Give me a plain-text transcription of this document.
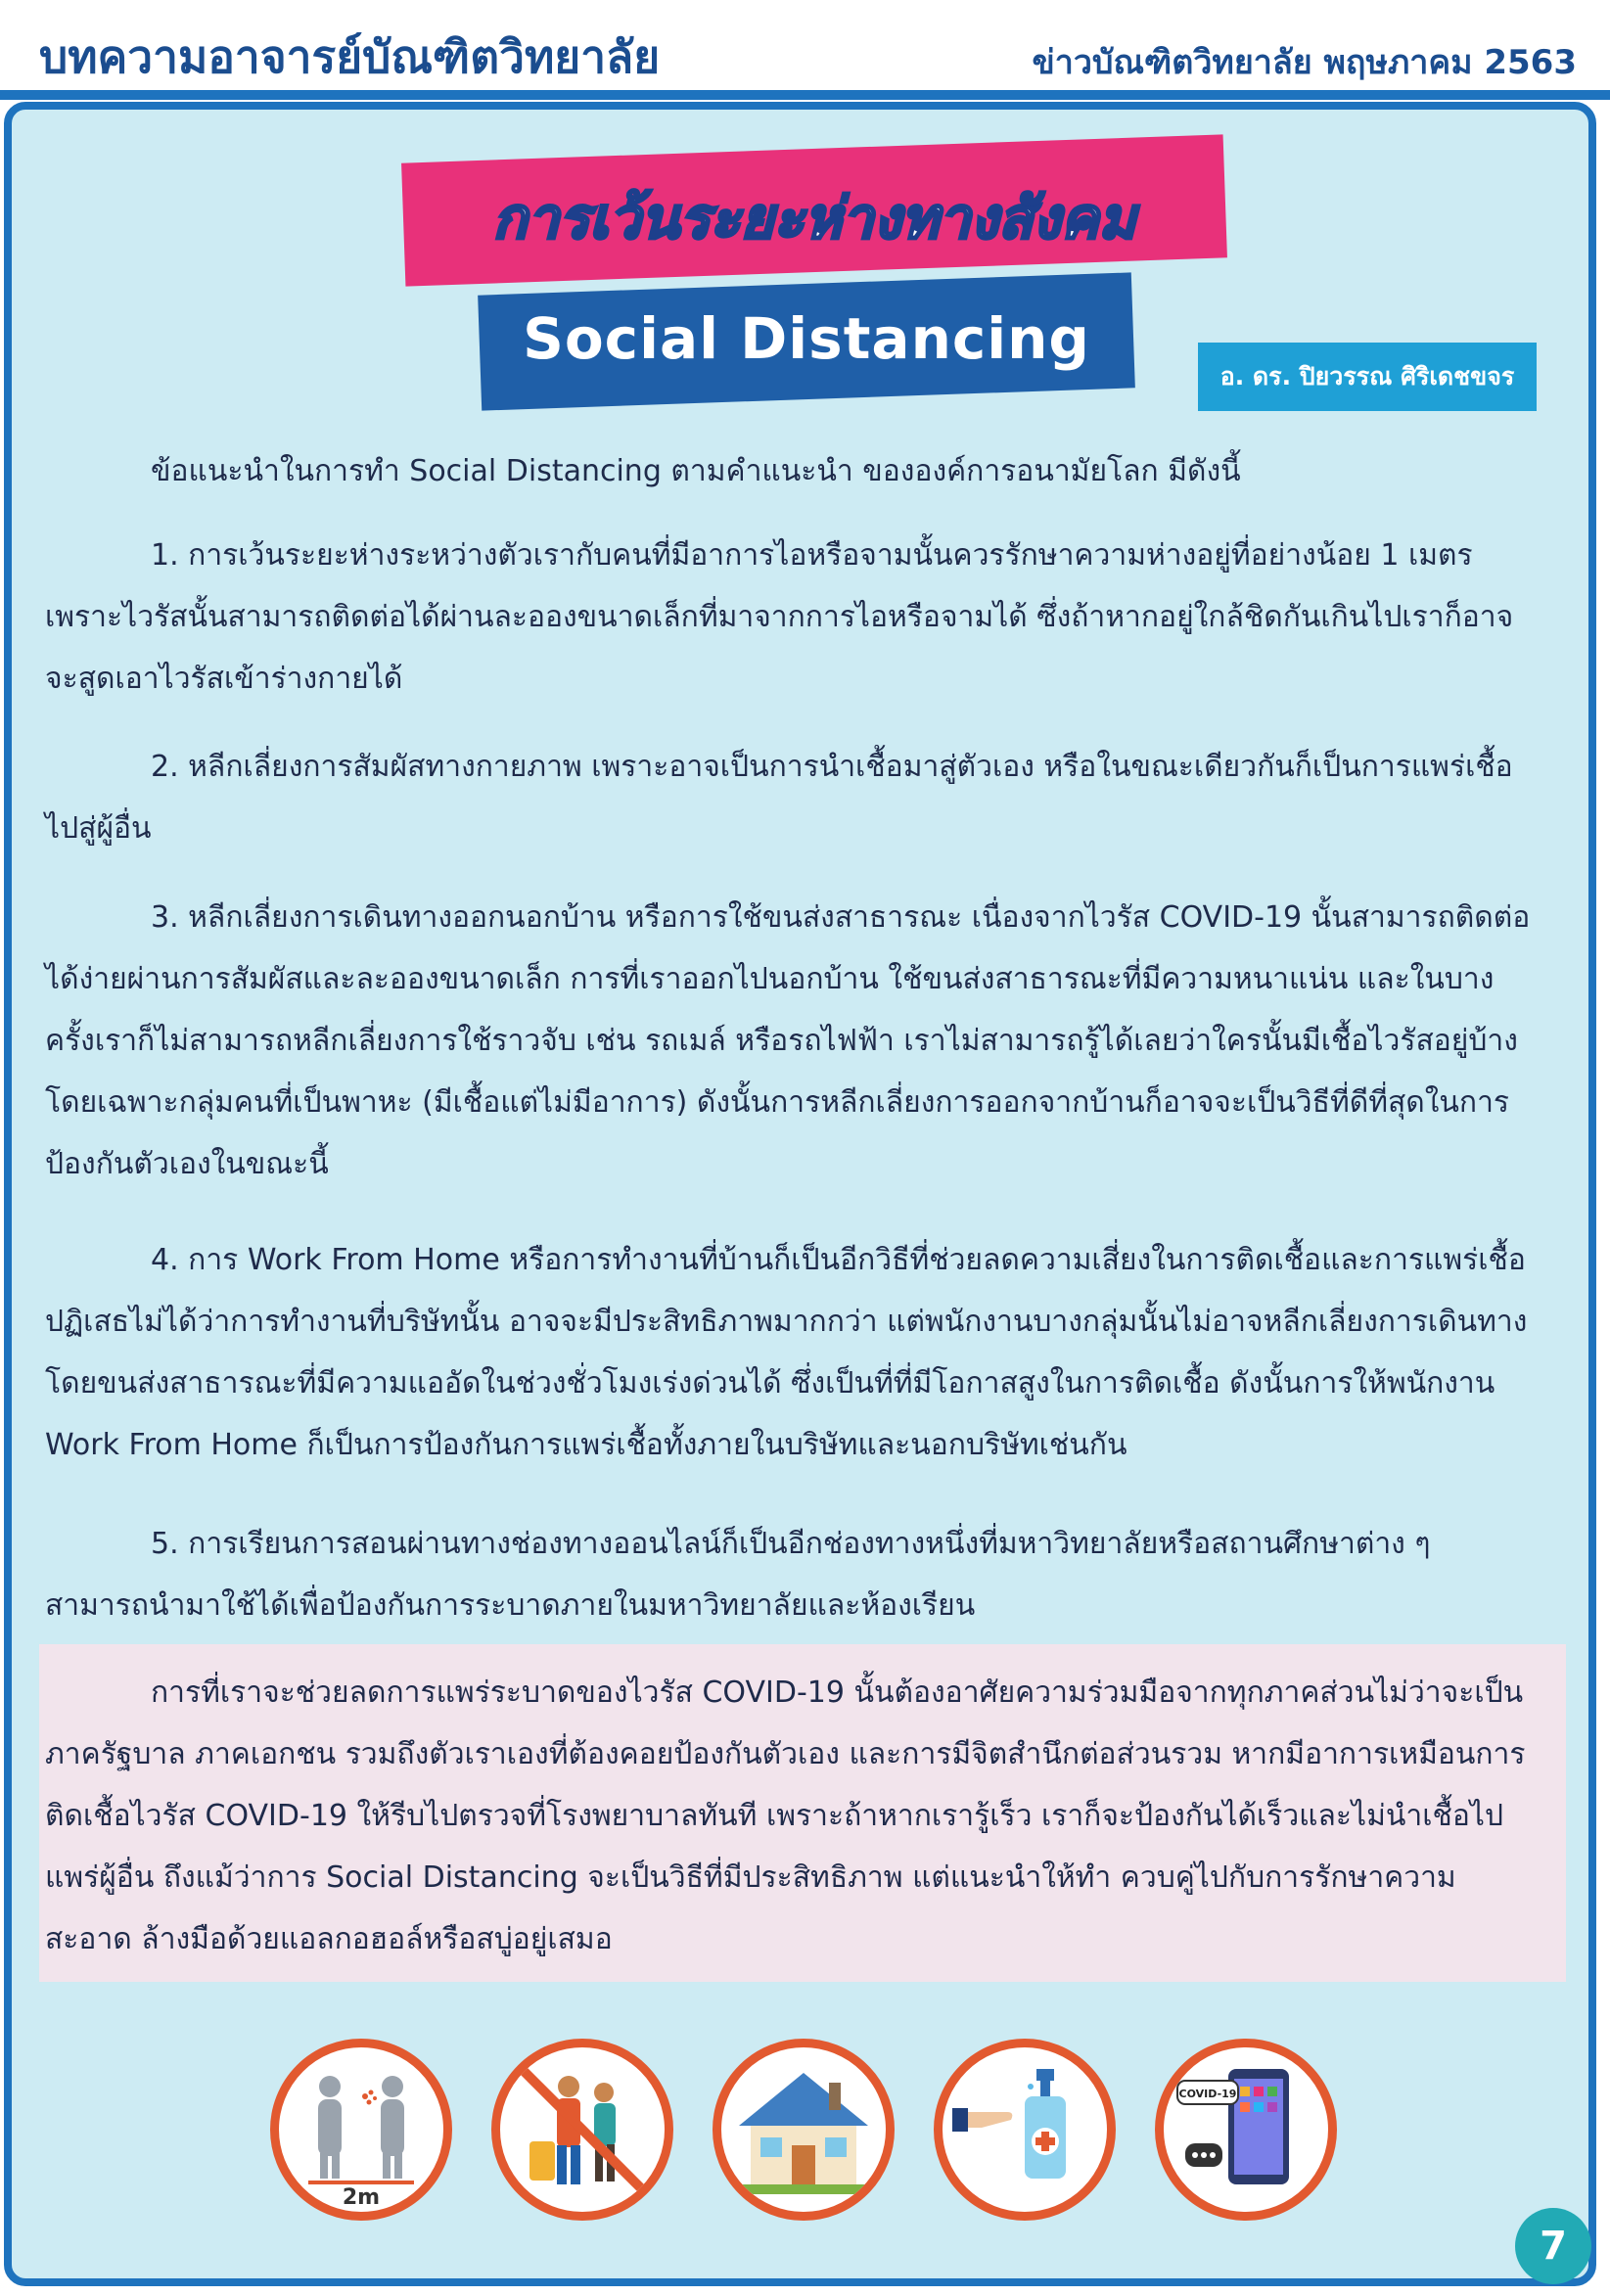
บทความอาจารย์บัณฑิตวิทยาลัย	ข่าวบัณฑิตวิทยาลัย พฤษภาคม 2563
การเว้นระยะห่างทางสังคม
Social Distancing
อ. ดร. ปิยวรรณ ศิริเดชขจร

ข้อแนะนำในการทำ Social Distancing ตามคำแนะนำ ขององค์การอนามัยโลก มีดังนี้

1. การเว้นระยะห่างระหว่างตัวเรากับคนที่มีอาการไอหรือจามนั้นควรรักษาความห่างอยู่ที่อย่างน้อย 1 เมตร เพราะไวรัสนั้นสามารถติดต่อได้ผ่านละอองขนาดเล็กที่มาจากการไอหรือจามได้ ซึ่งถ้าหากอยู่ใกล้ชิดกันเกินไปเราก็อาจจะสูดเอาไวรัสเข้าร่างกายได้

2. หลีกเลี่ยงการสัมผัสทางกายภาพ เพราะอาจเป็นการนำเชื้อมาสู่ตัวเอง หรือในขณะเดียวกันก็เป็นการแพร่เชื้อไปสู่ผู้อื่น

3. หลีกเลี่ยงการเดินทางออกนอกบ้าน หรือการใช้ขนส่งสาธารณะ เนื่องจากไวรัส COVID-19 นั้นสามารถติดต่อได้ง่ายผ่านการสัมผัสและละอองขนาดเล็ก การที่เราออกไปนอกบ้าน ใช้ขนส่งสาธารณะที่มีความหนาแน่น และในบางครั้งเราก็ไม่สามารถหลีกเลี่ยงการใช้ราวจับ เช่น รถเมล์ หรือรถไฟฟ้า เราไม่สามารถรู้ได้เลยว่าใครนั้นมีเชื้อไวรัสอยู่บ้าง โดยเฉพาะกลุ่มคนที่เป็นพาหะ (มีเชื้อแต่ไม่มีอาการ) ดังนั้นการหลีกเลี่ยงการออกจากบ้านก็อาจจะเป็นวิธีที่ดีที่สุดในการป้องกันตัวเองในขณะนี้

4. การ Work From Home หรือการทำงานที่บ้านก็เป็นอีกวิธีที่ช่วยลดความเสี่ยงในการติดเชื้อและการแพร่เชื้อ ปฏิเสธไม่ได้ว่าการทำงานที่บริษัทนั้น อาจจะมีประสิทธิภาพมากกว่า แต่พนักงานบางกลุ่มนั้นไม่อาจหลีกเลี่ยงการเดินทางโดยขนส่งสาธารณะที่มีความแออัดในช่วงชั่วโมงเร่งด่วนได้ ซึ่งเป็นที่ที่มีโอกาสสูงในการติดเชื้อ ดังนั้นการให้พนักงาน Work From Home ก็เป็นการป้องกันการแพร่เชื้อทั้งภายในบริษัทและนอกบริษัทเช่นกัน

5. การเรียนการสอนผ่านทางช่องทางออนไลน์ก็เป็นอีกช่องทางหนึ่งที่มหาวิทยาลัยหรือสถานศึกษาต่าง ๆ สามารถนำมาใช้ได้เพื่อป้องกันการระบาดภายในมหาวิทยาลัยและห้องเรียน

การที่เราจะช่วยลดการแพร่ระบาดของไวรัส COVID-19 นั้นต้องอาศัยความร่วมมือจากทุกภาคส่วนไม่ว่าจะเป็นภาครัฐบาล ภาคเอกชน รวมถึงตัวเราเองที่ต้องคอยป้องกันตัวเอง และการมีจิตสำนึกต่อส่วนรวม หากมีอาการเหมือนการติดเชื้อไวรัส COVID-19 ให้รีบไปตรวจที่โรงพยาบาลทันที เพราะถ้าหากเรารู้เร็ว เราก็จะป้องกันได้เร็วและไม่นำเชื้อไปแพร่ผู้อื่น ถึงแม้ว่าการ Social Distancing จะเป็นวิธีที่มีประสิทธิภาพ แต่แนะนำให้ทำ ควบคู่ไปกับการรักษาความสะอาด ล้างมือด้วยแอลกอฮอล์หรือสบู่อยู่เสมอ

2m
COVID-19
7
